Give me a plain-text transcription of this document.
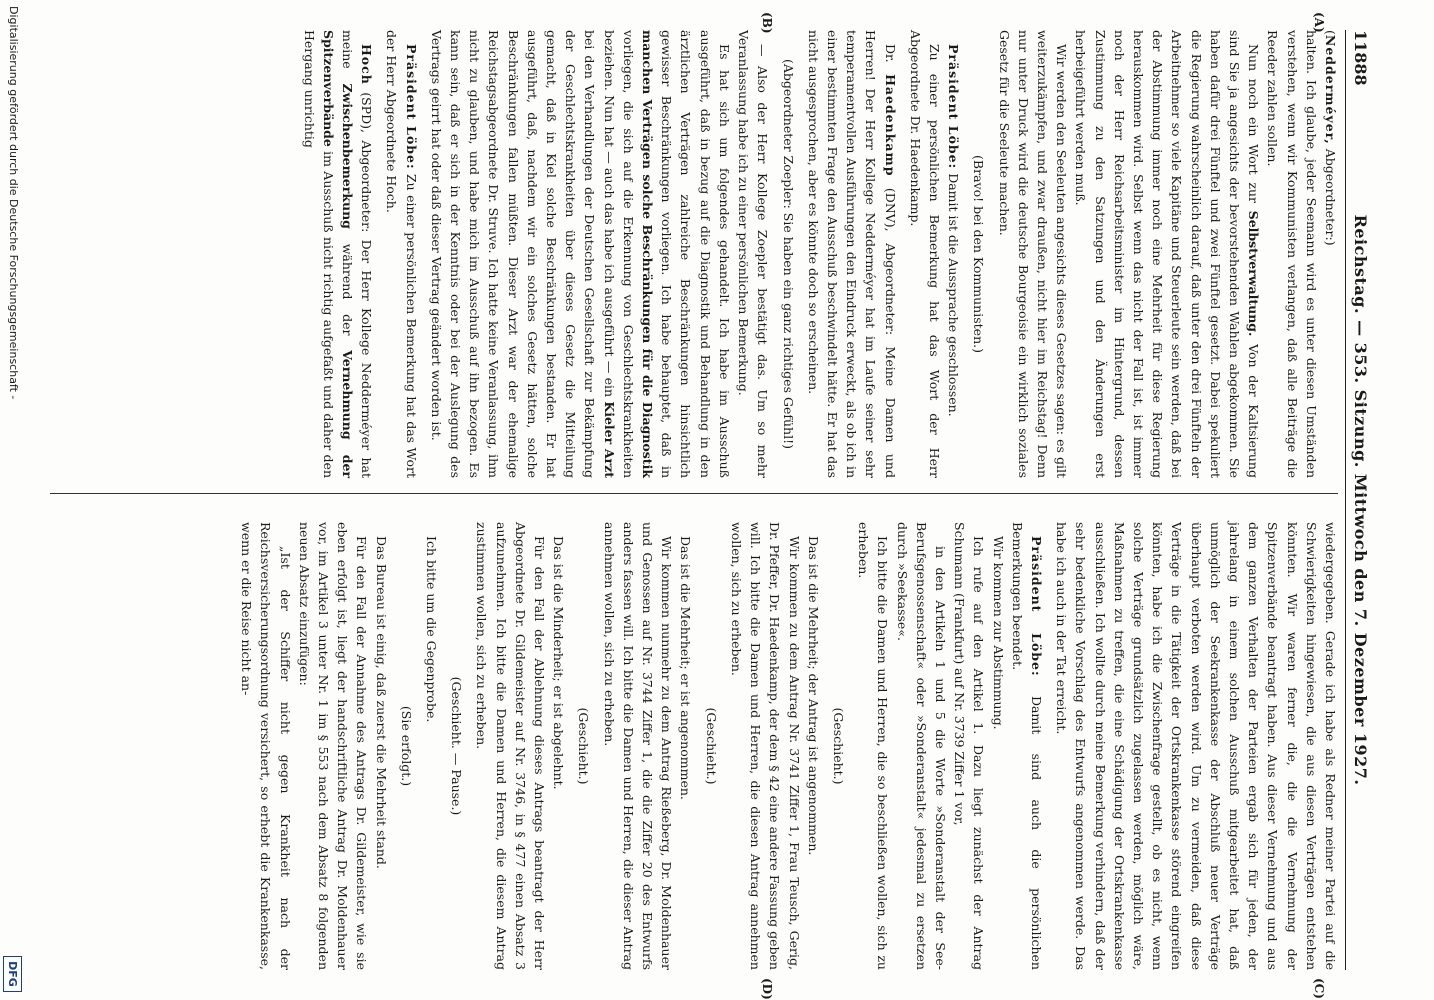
11888
Reichstag. — 353. Sitzung. Mittwoch den 7. Dezember 1927.
(A)
(B)
(C)
(D)

(Nedderméyer, Abgeordneter:)

halten. Ich glaube, jeder Seemann wird es unter diesen Umständen verstehen, wenn wir Kommunisten verlangen, daß alle Beiträge die Reeder zahlen sollen.

Nun noch ein Wort zur Selbstverwaltung. Von der Kaltsierung sind Sie ja angesichts der bevorstehenden Wahlen abgekommen. Sie haben dafür drei Fünftel und zwei Fünftel gesetzt. Dabei spekuliert die Regierung wahrscheinlich darauf, daß unter den drei Fünfteln der Arbeitnehmer so viele Kapitäne und Steuerleute sein werden, daß bei der Abstimmung immer noch eine Mehrheit für diese Regierung herauskommen wird. Selbst wenn das nicht der Fall ist, ist immer noch der Herr Reichsarbeitsminister im Hintergrund, dessen Zustimmung zu den Satzungen und den Änderungen erst herbeigeführt werden muß.

Wir werden den Seeleuten angesichts dieses Gesetzes sagen: es gilt weiterzukämpfen, und zwar draußen, nicht hier im Reichstag! Denn nur unter Druck wird die deutsche Bourgeoisie ein wirklich soziales Gesetz für die Seeleute machen.

(Bravo! bei den Kommunisten.)

Präsident Löbe: Damit ist die Aussprache geschlossen.

Zu einer persönlichen Bemerkung hat das Wort der Herr Abgeordnete Dr. Haedenkamp.

Dr. Haedenkamp (DNV), Abgeordneter: Meine Damen und Herren! Der Herr Kollege Nedderméyer hat im Laufe seiner sehr temperamentvollen Ausführungen den Eindruck erweckt, als ob ich in einer bestimmten Frage den Ausschuß beschwindelt hätte. Er hat das nicht ausgesprochen, aber es könnte doch so erscheinen.

(Abgeordneter Zoepler: Sie haben ein ganz richtiges Gefühl!)

— Also der Herr Kollege Zoepler bestätigt das. Um so mehr Veranlassung habe ich zu einer persönlichen Bemerkung.

Es hat sich um folgendes gehandelt. Ich habe im Ausschuß ausgeführt, daß in bezug auf die Diagnostik und Behandlung in den ärztlichen Verträgen zahlreiche Beschränkungen hinsichtlich gewisser Beschränkungen vorliegen. Ich habe behauptet, daß in manchen Verträgen solche Beschränkungen für die Diagnostik vorliegen, die sich auf die Erkennung von Geschlechtskrankheiten beziehen. Nun hat — auch das habe ich ausgeführt — ein Kieler Arzt bei den Verhandlungen der Deutschen Gesellschaft zur Bekämpfung der Geschlechtskrankheiten über dieses Gesetz die Mitteilung gemacht, daß in Kiel solche Beschränkungen bestanden. Er hat ausgeführt, daß, nachdem wir ein solches Gesetz hätten, solche Beschränkungen fallen müßten. Dieser Arzt war der ehemalige Reichstagsabgeordnete Dr. Struve. Ich hatte keine Veranlassung, ihm nicht zu glauben, und habe mich im Ausschuß auf ihn bezogen. Es kann sein, daß er sich in der Kenntnis oder bei der Auslegung des Vertrags geirrt hat oder daß dieser Vertrag geändert worden ist.

Präsident Löbe: Zu einer persönlichen Bemerkung hat das Wort der Herr Abgeordnete Hoch.

Hoch (SPD), Abgeordneter: Der Herr Kollege Nedderméyer hat meine Zwischenbemerkung während der Vernehmung der Spitzenverbände im Ausschuß nicht richtig aufgefaßt und daher den Hergang unrichtig

wiedergegeben. Gerade ich habe als Redner meiner Partei auf die Schwierigkeiten hingewiesen, die aus diesen Verträgen entstehen könnten. Wir waren ferner die, die die Vernehmung der Spitzenverbände beantragt haben. Aus dieser Vernehmung und aus dem ganzen Verhalten der Parteien ergab sich für jeden, der jahrelang in einem solchen Ausschuß mitgearbeitet hat, daß unmöglich der Seekrankenkasse der Abschluß neuer Verträge überhaupt verboten werden wird. Um zu vermeiden, daß diese Verträge in die Tätigkeit der Ortskrankenkasse störend eingreifen könnten, habe ich die Zwischenfrage gestellt, ob es nicht, wenn solche Verträge grundsätzlich zugelassen werden, möglich wäre, Maßnahmen zu treffen, die eine Schädigung der Ortskrankenkasse ausschließen. Ich wollte durch meine Bemerkung verhindern, daß der sehr bedenkliche Vorschlag des Entwurfs angenommen werde. Das habe ich auch in der Tat erreicht.

Präsident Löbe: Damit sind auch die persönlichen Bemerkungen beendet.

Wir kommen zur Abstimmung.

Ich rufe auf den Artikel 1. Dazu liegt zunächst der Antrag Schumann (Frankfurt) auf Nr. 3739 Ziffer 1 vor,

in den Artikeln 1 und 5 die Worte »Sonderanstalt der See-Berufsgenossenschaft« oder »Sonderanstalt« jedesmal zu ersetzen durch »Seekasse«.

Ich bitte die Damen und Herren, die so beschließen wollen, sich zu erheben.

(Geschieht.)

Das ist die Mehrheit; der Antrag ist angenommen.

Wir kommen zu dem Antrag Nr. 3741 Ziffer 1, Frau Teusch, Gerig, Dr. Pfeffer, Dr. Haedenkamp, der dem § 42 eine andere Fassung geben will. Ich bitte die Damen und Herren, die diesen Antrag annehmen wollen, sich zu erheben.

(Geschieht.)

Das ist die Mehrheit; er ist angenommen.

Wir kommen nunmehr zu dem Antrag Rießeberg, Dr. Moldenhauer und Genossen auf Nr. 3744 Ziffer 1, die die Ziffer 20 des Entwurfs anders fassen will. Ich bitte die Damen und Herren, die dieser Antrag annehmen wollen, sich zu erheben.

(Geschieht.)

Das ist die Minderheit; er ist abgelehnt.

Für den Fall der Ablehnung dieses Antrags beantragt der Herr Abgeordnete Dr. Gildemeister auf Nr. 3746, in § 477 einen Absatz 3 aufzunehmen. Ich bitte die Damen und Herren, die diesem Antrag zustimmen wollen, sich zu erheben.

(Geschieht. — Pause.)

Ich bitte um die Gegenprobe.

(Sie erfolgt.)

Das Bureau ist einig, daß zuerst die Mehrheit stand.

Für den Fall der Annahme des Antrags Dr. Gildemeister, wie sie eben erfolgt ist, liegt der handschriftliche Antrag Dr. Moldenhauer vor, im Artikel 3 unter Nr. 1 im § 553 nach dem Absatz 8 folgenden neuen Absatz einzufügen:

„Ist der Schiffer nicht gegen Krankheit nach der Reichsversicherungsordnung versichert, so erhebt die Krankenkasse, wenn er die Reise nicht an-

Digitalisierung gefördert durch die Deutsche Forschungsgemeinschaft -
DFG
